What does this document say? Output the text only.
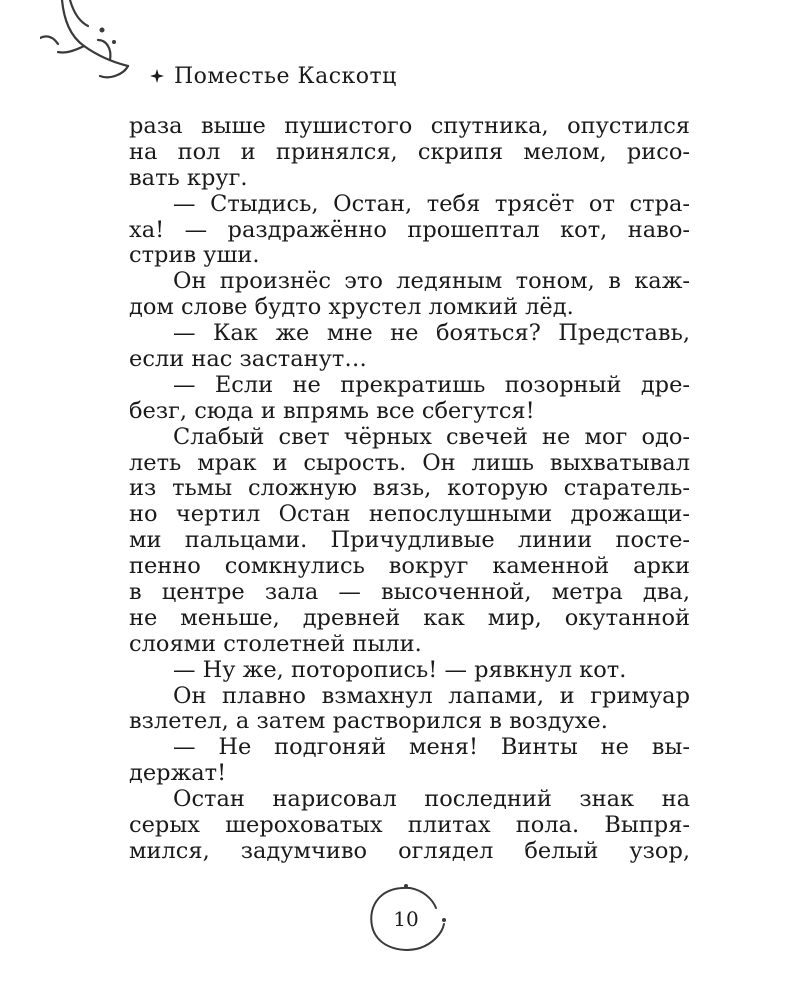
Поместье Каскотц
раза выше пушистого спутника, опустился
на пол и принялся, скрипя мелом, рисо-
вать круг.
— Стыдись, Остан, тебя трясёт от стра-
ха! — раздражённо прошептал кот, наво-
стрив уши.
Он произнёс это ледяным тоном, в каж-
дом слове будто хрустел ломкий лёд.
— Как же мне не бояться? Представь,
если нас застанут…
— Если не прекратишь позорный дре-
безг, сюда и впрямь все сбегутся!
Слабый свет чёрных свечей не мог одо-
леть мрак и сырость. Он лишь выхватывал
из тьмы сложную вязь, которую старатель-
но чертил Остан непослушными дрожащи-
ми пальцами. Причудливые линии посте-
пенно сомкнулись вокруг каменной арки
в центре зала — высоченной, метра два,
не меньше, древней как мир, окутанной
слоями столетней пыли.
— Ну же, поторопись! — рявкнул кот.
Он плавно взмахнул лапами, и гримуар
взлетел, а затем растворился в воздухе.
— Не подгоняй меня! Винты не вы-
держат!
Остан нарисовал последний знак на
серых шероховатых плитах пола. Выпря-
мился, задумчиво оглядел белый узор,
10
